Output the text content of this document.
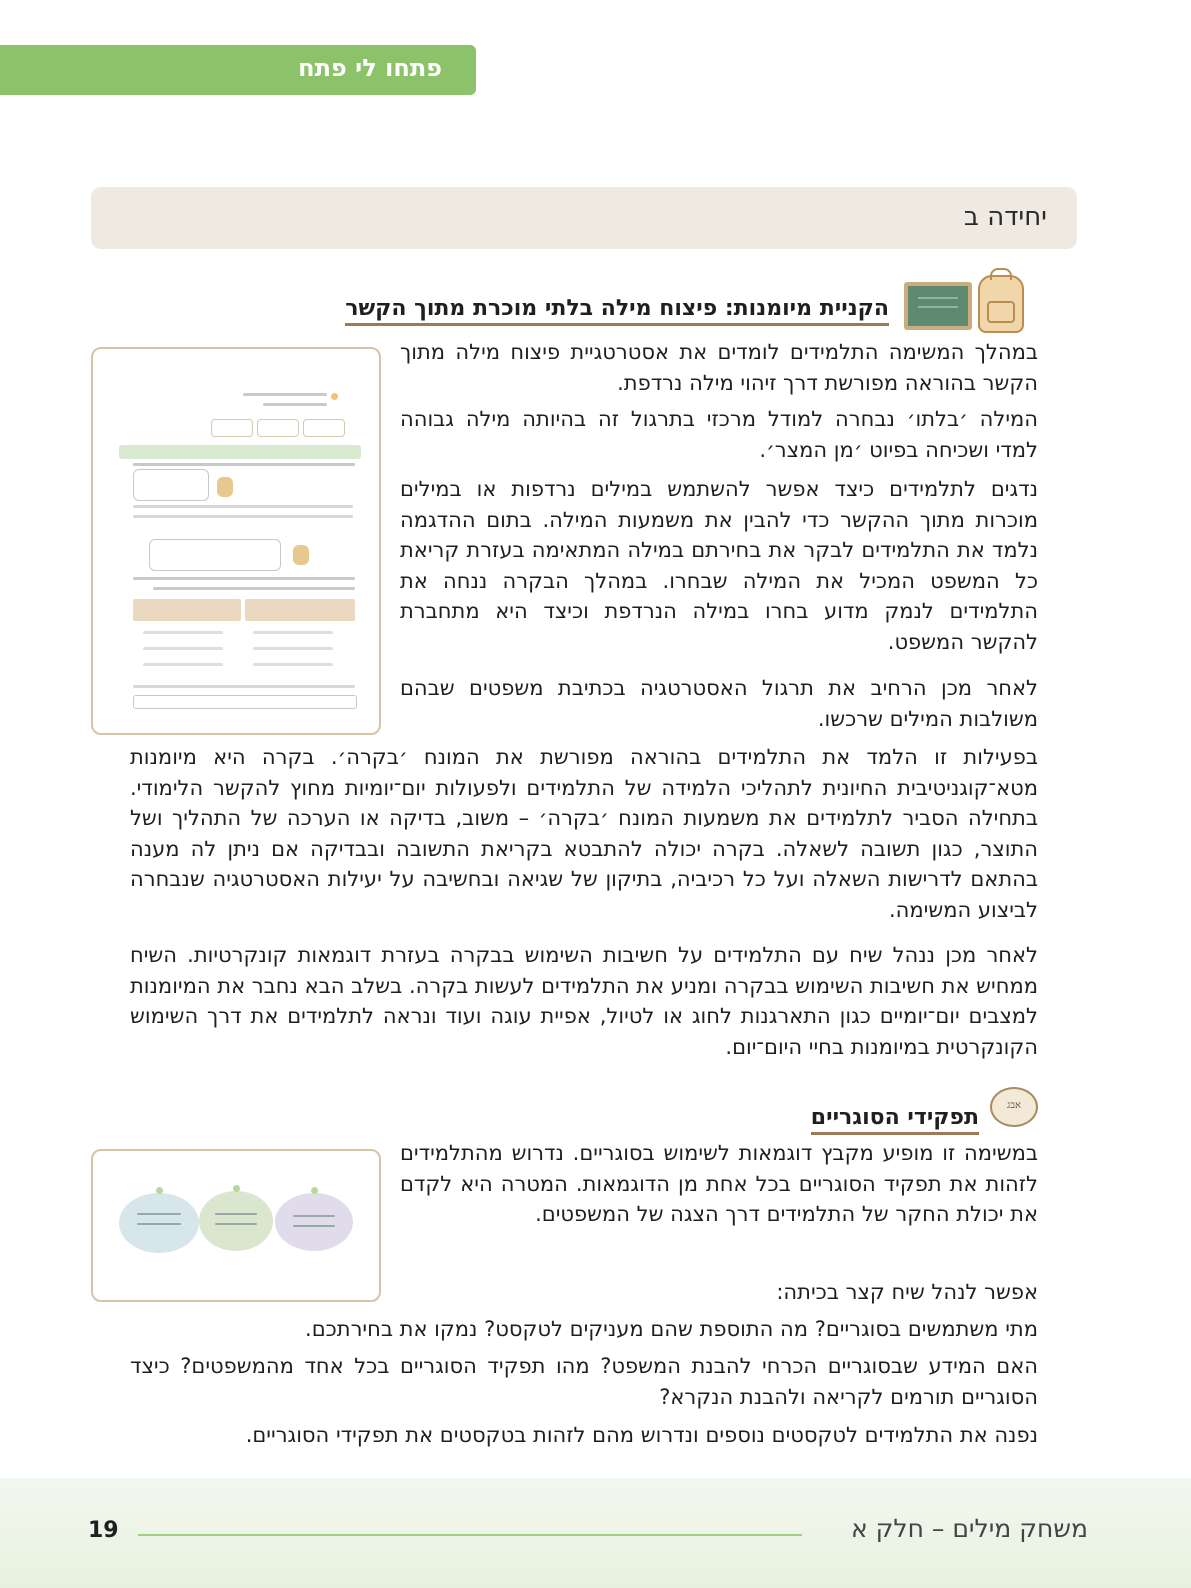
פתחו לי פתח
יחידה ב
הקניית מיומנות: פיצוח מילה בלתי מוכרת מתוך הקשר

במהלך המשימה התלמידים לומדים את אסטרטגיית פיצוח מילה מתוך הקשר בהוראה מפורשת דרך זיהוי מילה נרדפת.

המילה ׳בלתו׳ נבחרה למודל מרכזי בתרגול זה בהיותה מילה גבוהה למדי ושכיחה בפיוט ׳מן המצר׳.

נדגים לתלמידים כיצד אפשר להשתמש במילים נרדפות או במילים מוכרות מתוך ההקשר כדי להבין את משמעות המילה. בתום ההדגמה נלמד את התלמידים לבקר את בחירתם במילה המתאימה בעזרת קריאת כל המשפט המכיל את המילה שבחרו. במהלך הבקרה ננחה את התלמידים לנמק מדוע בחרו במילה הנרדפת וכיצד היא מתחברת להקשר המשפט.

לאחר מכן הרחיב את תרגול האסטרטגיה בכתיבת משפטים שבהם משולבות המילים שרכשו.

בפעילות זו הלמד את התלמידים בהוראה מפורשת את המונח ׳בקרה׳. בקרה היא מיומנות מטא־קוגניטיבית החיונית לתהליכי הלמידה של התלמידים ולפעולות יום־יומיות מחוץ להקשר הלימודי. בתחילה הסביר לתלמידים את משמעות המונח ׳בקרה׳ – משוב, בדיקה או הערכה של התהליך ושל התוצר, כגון תשובה לשאלה. בקרה יכולה להתבטא בקריאת התשובה ובבדיקה אם ניתן לה מענה בהתאם לדרישות השאלה ועל כל רכיביה, בתיקון של שגיאה ובחשיבה על יעילות האסטרטגיה שנבחרה לביצוע המשימה.

לאחר מכן ננהל שיח עם התלמידים על חשיבות השימוש בבקרה בעזרת דוגמאות קונקרטיות. השיח ממחיש את חשיבות השימוש בבקרה ומניע את התלמידים לעשות בקרה. בשלב הבא נחבר את המיומנות למצבים יום־יומיים כגון התארגנות לחוג או לטיול, אפיית עוגה ועוד ונראה לתלמידים את דרך השימוש הקונקרטית במיומנות בחיי היום־יום.

אבג
תפקידי הסוגריים

במשימה זו מופיע מקבץ דוגמאות לשימוש בסוגריים. נדרוש מהתלמידים לזהות את תפקיד הסוגריים בכל אחת מן הדוגמאות. המטרה היא לקדם את יכולת החקר של התלמידים דרך הצגה של המשפטים.

אפשר לנהל שיח קצר בכיתה:

מתי משתמשים בסוגריים? מה התוספת שהם מעניקים לטקסט? נמקו את בחירתכם.

האם המידע שבסוגריים הכרחי להבנת המשפט? מהו תפקיד הסוגריים בכל אחד מהמשפטים? כיצד הסוגריים תורמים לקריאה ולהבנת הנקרא?

נפנה את התלמידים לטקסטים נוספים ונדרוש מהם לזהות בטקסטים את תפקידי הסוגריים.

19	משחק מילים – חלק א
